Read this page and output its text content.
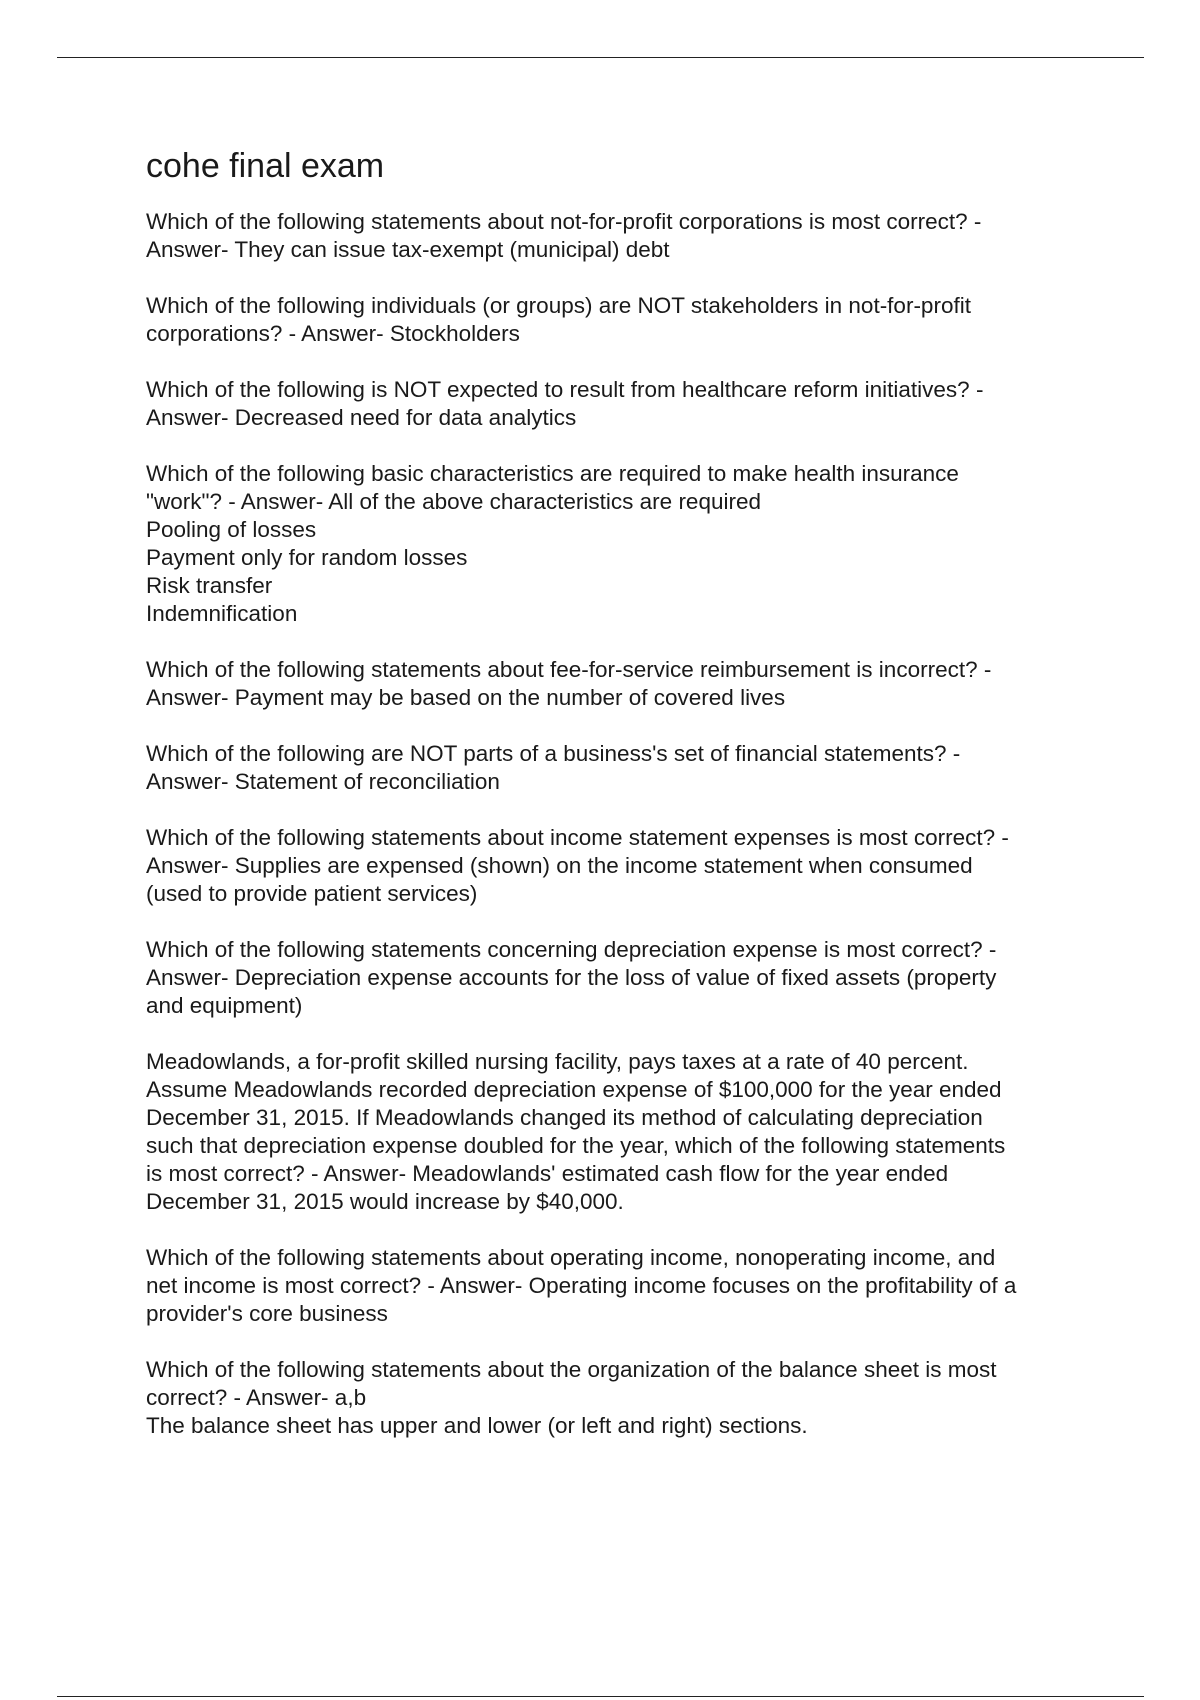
cohe final exam
Which of the following statements about not-for-profit corporations is most correct? -
Answer- They can issue tax-exempt (municipal) debt
Which of the following individuals (or groups) are NOT stakeholders in not-for-profit
corporations? - Answer- Stockholders
Which of the following is NOT expected to result from healthcare reform initiatives? -
Answer- Decreased need for data analytics
Which of the following basic characteristics are required to make health insurance
"work"? - Answer- All of the above characteristics are required
Pooling of losses
Payment only for random losses
Risk transfer
Indemnification
Which of the following statements about fee-for-service reimbursement is incorrect? -
Answer- Payment may be based on the number of covered lives
Which of the following are NOT parts of a business's set of financial statements? -
Answer- Statement of reconciliation
Which of the following statements about income statement expenses is most correct? -
Answer- Supplies are expensed (shown) on the income statement when consumed
(used to provide patient services)
Which of the following statements concerning depreciation expense is most correct? -
Answer- Depreciation expense accounts for the loss of value of fixed assets (property
and equipment)
Meadowlands, a for-profit skilled nursing facility, pays taxes at a rate of 40 percent.
Assume Meadowlands recorded depreciation expense of $100,000 for the year ended
December 31, 2015. If Meadowlands changed its method of calculating depreciation
such that depreciation expense doubled for the year, which of the following statements
is most correct? - Answer- Meadowlands' estimated cash flow for the year ended
December 31, 2015 would increase by $40,000.
Which of the following statements about operating income, nonoperating income, and
net income is most correct? - Answer- Operating income focuses on the profitability of a
provider's core business
Which of the following statements about the organization of the balance sheet is most
correct? - Answer- a,b
The balance sheet has upper and lower (or left and right) sections.
